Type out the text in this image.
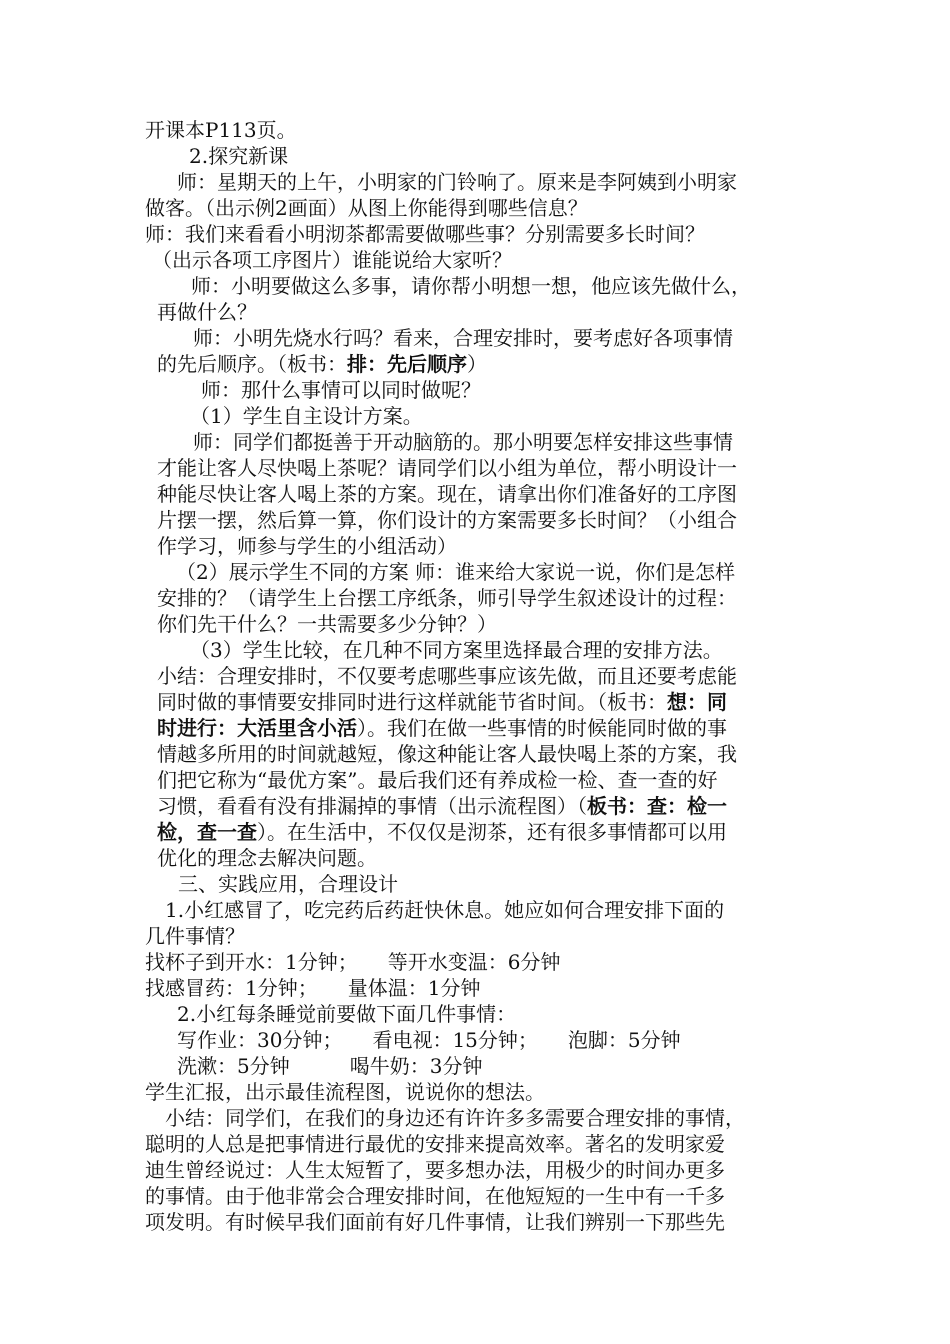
开课本P113页。
2.探究新课
师：星期天的上午，小明家的门铃响了。原来是李阿姨到小明家
做客。（出示例2画面）从图上你能得到哪些信息？
师：我们来看看小明沏茶都需要做哪些事？分别需要多长时间？
（出示各项工序图片）谁能说给大家听？
师：小明要做这么多事，请你帮小明想一想，他应该先做什么，
再做什么？
师：小明先烧水行吗？看来，合理安排时，要考虑好各项事情
的先后顺序。（板书：排：先后顺序）
师：那什么事情可以同时做呢？
（1）学生自主设计方案。
师：同学们都挺善于开动脑筋的。那小明要怎样安排这些事情
才能让客人尽快喝上茶呢？请同学们以小组为单位，帮小明设计一
种能尽快让客人喝上茶的方案。现在，请拿出你们准备好的工序图
片摆一摆，然后算一算，你们设计的方案需要多长时间？（小组合
作学习，师参与学生的小组活动）
（2）展示学生不同的方案 师：谁来给大家说一说，你们是怎样
安排的？（请学生上台摆工序纸条，师引导学生叙述设计的过程：
你们先干什么？一共需要多少分钟？）
（3）学生比较，在几种不同方案里选择最合理的安排方法。
小结：合理安排时，不仅要考虑哪些事应该先做，而且还要考虑能
同时做的事情要安排同时进行这样就能节省时间。（板书：想：同
时进行：大活里含小活）。我们在做一些事情的时候能同时做的事
情越多所用的时间就越短，像这种能让客人最快喝上茶的方案，我
们把它称为“最优方案”。最后我们还有养成检一检、查一查的好
习惯，看看有没有排漏掉的事情（出示流程图）（板书：查：检一
检，查一查）。在生活中，不仅仅是沏茶，还有很多事情都可以用
优化的理念去解决问题。
三、实践应用，合理设计
1.小红感冒了，吃完药后药赶快休息。她应如何合理安排下面的
几件事情？
找杯子到开水：1分钟；　　等开水变温：6分钟
找感冒药：1分钟；　　量体温：1分钟
2.小红每条睡觉前要做下面几件事情：
写作业：30分钟；　　看电视：15分钟；　　泡脚：5分钟
洗漱：5分钟　　　喝牛奶：3分钟
学生汇报，出示最佳流程图，说说你的想法。
小结：同学们，在我们的身边还有许许多多需要合理安排的事情，
聪明的人总是把事情进行最优的安排来提高效率。著名的发明家爱
迪生曾经说过：人生太短暂了，要多想办法，用极少的时间办更多
的事情。由于他非常会合理安排时间，在他短短的一生中有一千多
项发明。有时候早我们面前有好几件事情，让我们辨别一下那些先
